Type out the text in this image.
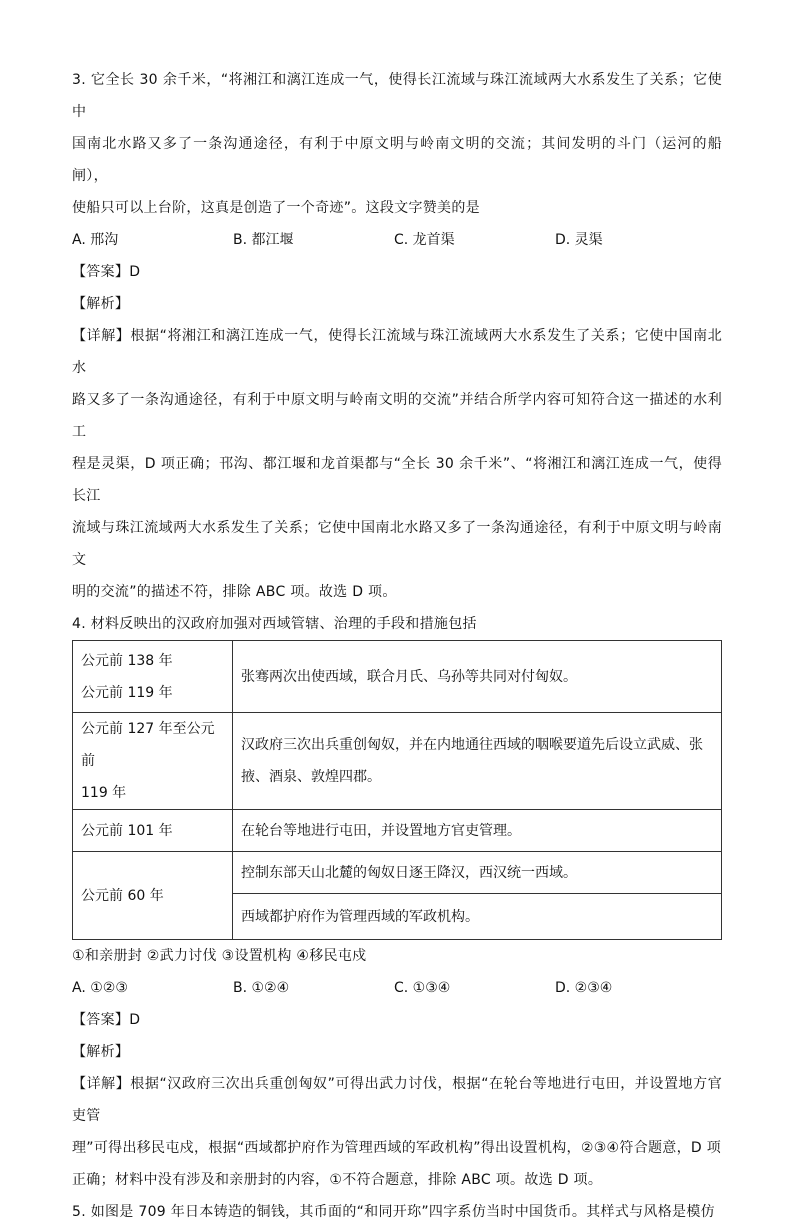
3. 它全长 30 余千米，“将湘江和漓江连成一气，使得长江流域与珠江流域两大水系发生了关系；它使中

国南北水路又多了一条沟通途径，有利于中原文明与岭南文明的交流；其间发明的斗门（运河的船闸），

使船只可以上台阶，这真是创造了一个奇迹”。这段文字赞美的是

A. 邢沟	B. 都江堰	C. 龙首渠	D. 灵渠

【答案】D

【解析】

【详解】根据“将湘江和漓江连成一气，使得长江流域与珠江流域两大水系发生了关系；它使中国南北水

路又多了一条沟通途径，有利于中原文明与岭南文明的交流”并结合所学内容可知符合这一描述的水利工

程是灵渠，D 项正确；邗沟、都江堰和龙首渠都与“全长 30 余千米”、“将湘江和漓江连成一气，使得长江

流域与珠江流域两大水系发生了关系；它使中国南北水路又多了一条沟通途径，有利于中原文明与岭南文

明的交流”的描述不符，排除 ABC 项。故选 D 项。

4. 材料反映出的汉政府加强对西域管辖、治理的手段和措施包括

公元前 138 年
公元前 119 年	张骞两次出使西域，联合月氏、乌孙等共同对付匈奴。

公元前 127 年至公元前
119 年	汉政府三次出兵重创匈奴，并在内地通往西域的咽喉要道先后设立武威、张掖、酒泉、敦煌四郡。
公元前 101 年	在轮台等地进行屯田，并设置地方官吏管理。
公元前 60 年	控制东部天山北麓的匈奴日逐王降汉，西汉统一西域。
	西域都护府作为管理西域的军政机构。

①和亲册封 ②武力讨伐 ③设置机构 ④移民屯戍

A. ①②③	B. ①②④	C. ①③④	D. ②③④

【答案】D

【解析】

【详解】根据“汉政府三次出兵重创匈奴”可得出武力讨伐，根据“在轮台等地进行屯田，并设置地方官吏管

理”可得出移民屯戍，根据“西域都护府作为管理西域的军政机构”得出设置机构，②③④符合题意，D 项

正确；材料中没有涉及和亲册封的内容，①不符合题意，排除 ABC 项。故选 D 项。

5. 如图是 709 年日本铸造的铜钱，其币面的“和同开珎”四字系仿当时中国货币。其样式与风格是模仿
